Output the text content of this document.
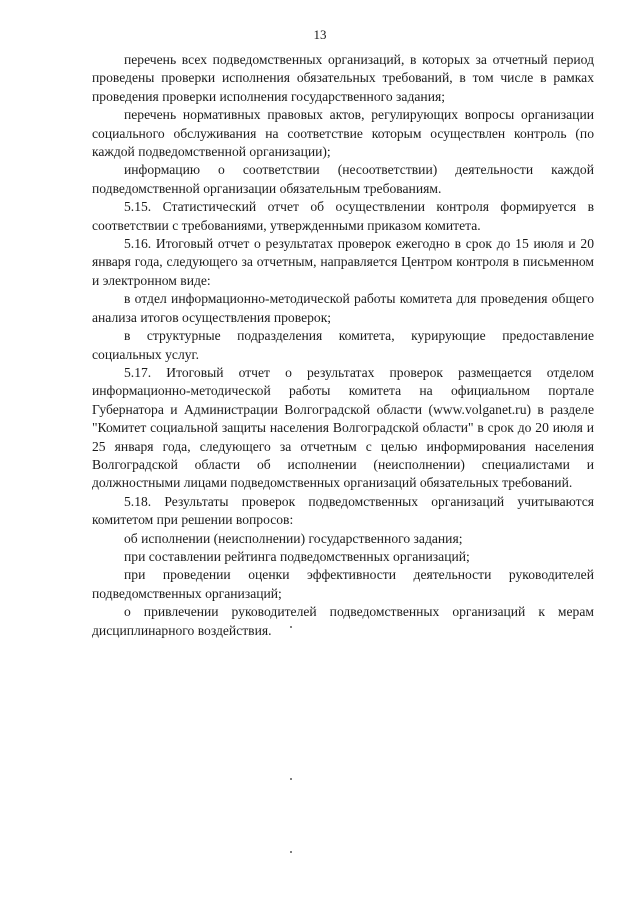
13

перечень всех подведомственных организаций, в которых за отчетный период проведены проверки исполнения обязательных требований, в том числе в рамках проведения проверки исполнения государственного задания;

перечень нормативных правовых актов, регулирующих вопросы организации социального обслуживания на соответствие которым осуществлен контроль (по каждой подведомственной организации);

информацию о соответствии (несоответствии) деятельности каждой подведомственной организации обязательным требованиям.

5.15. Статистический отчет об осуществлении контроля формируется в соответствии с требованиями, утвержденными приказом комитета.

5.16. Итоговый отчет о результатах проверок ежегодно в срок до 15 июля и 20 января года, следующего за отчетным, направляется Центром контроля в письменном и электронном виде:

в отдел информационно-методической работы комитета для проведения общего анализа итогов осуществления проверок;

в структурные подразделения комитета, курирующие предоставление социальных услуг.

5.17. Итоговый отчет о результатах проверок размещается отделом информационно-методической работы комитета на официальном портале Губернатора и Администрации Волгоградской области (www.volganet.ru) в разделе "Комитет социальной защиты населения Волгоградской области" в срок до 20 июля и 25 января года, следующего за отчетным с целью информирования населения Волгоградской области об исполнении (неисполнении) специалистами и должностными лицами подведомственных организаций обязательных требований.

5.18. Результаты проверок подведомственных организаций учитываются комитетом при решении вопросов:

об исполнении (неисполнении) государственного задания;

при составлении рейтинга подведомственных организаций;

при проведении оценки эффективности деятельности руководителей подведомственных организаций;

о привлечении руководителей подведомственных организаций к мерам дисциплинарного воздействия.
